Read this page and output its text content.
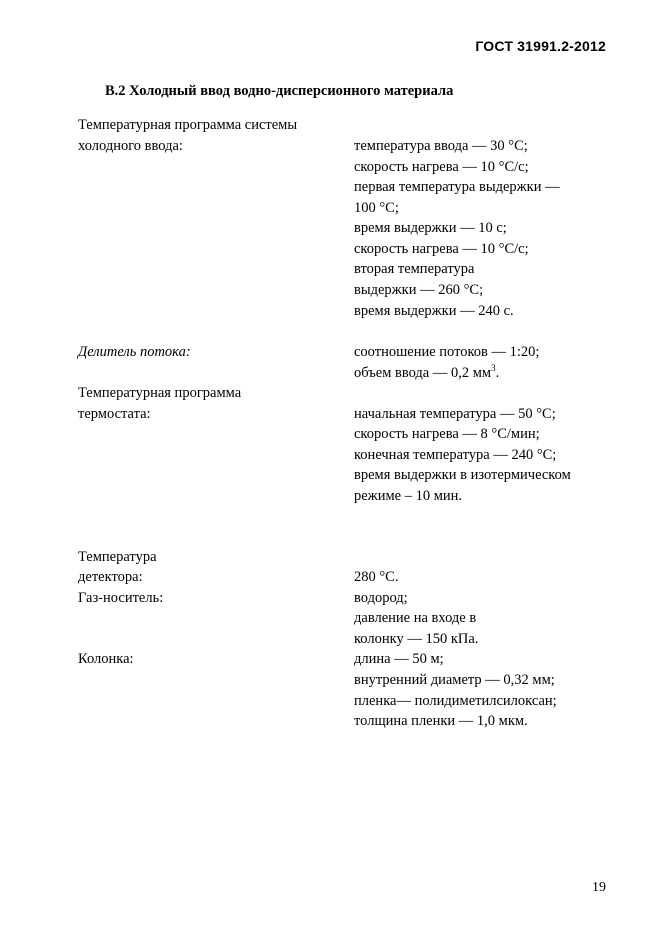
ГОСТ 31991.2-2012
В.2 Холодный ввод водно-дисперсионного материала
Температурная программа системы
холодного ввода:	температура ввода — 30 °С;
скорость нагрева — 10 °С/с;
первая температура выдержки —
100 °С;
время выдержки — 10 с;
скорость нагрева — 10 °С/с;
вторая температура
выдержки — 260 °С;
время выдержки — 240 с.
Делитель потока:	соотношение потоков — 1:20;
объем ввода — 0,2 $мм^3$.
Температурная программа
термостата:	начальная температура — 50 °С;
скорость нагрева — 8 °С/мин;
конечная температура — 240 °С;
время выдержки в изотермическом
режиме – 10 мин.
Температура
детектора:	280 °С.
Газ-носитель:	водород;
давление на входе в
колонку — 150 кПа.
Колонка:	длина — 50 м;
внутренний диаметр — 0,32 мм;
пленка— полидиметилсилоксан;
толщина пленки — 1,0 мкм.
19
